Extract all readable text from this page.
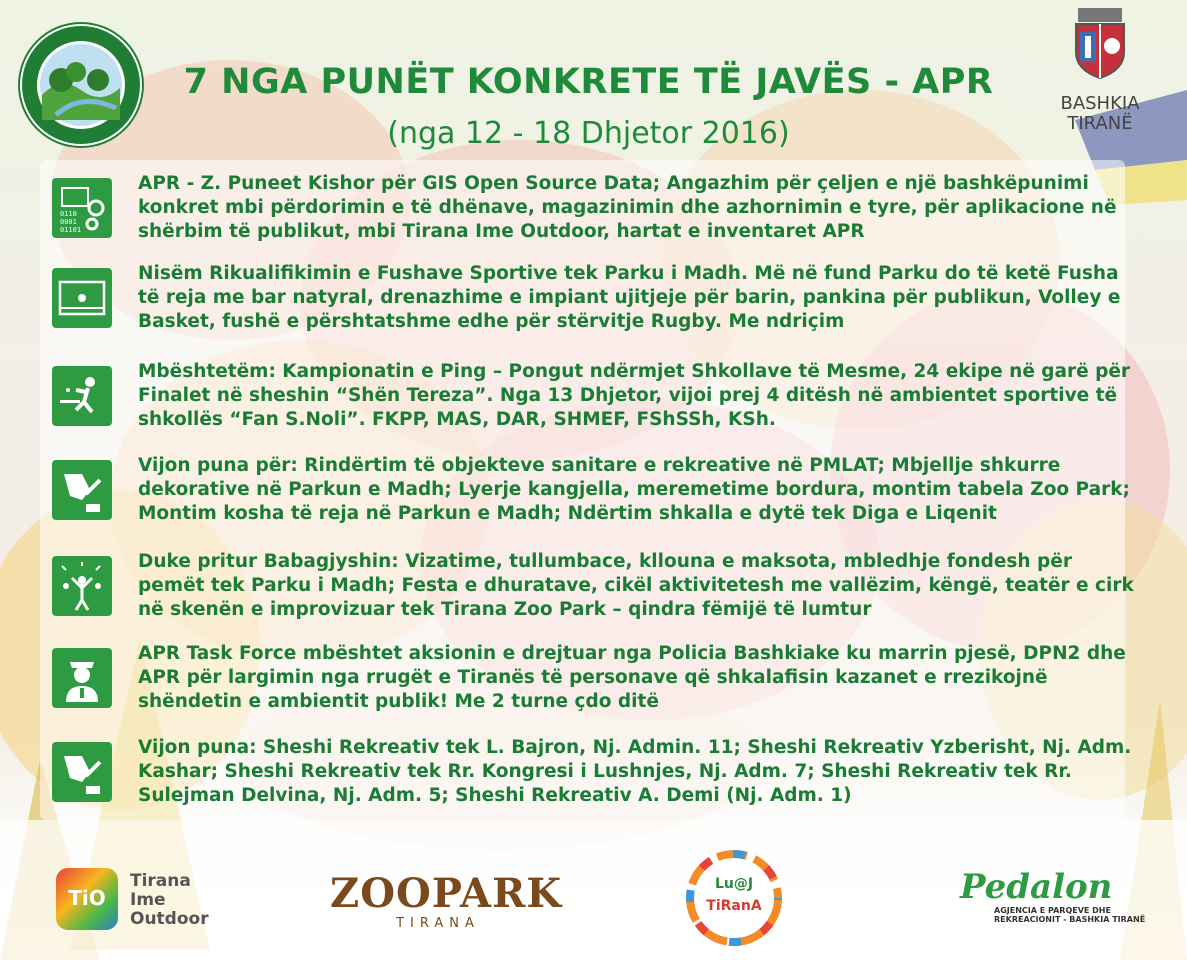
BASHKIA
TIRANË
7 NGA PUNËT KONKRETE TË JAVËS - APR
(nga 12 - 18 Dhjetor 2016)
0110
0001
01101
APR - Z. Puneet Kishor për GIS Open Source Data; Angazhim për çeljen e një bashkëpunimi konkret mbi përdorimin e të dhënave, magazinimin dhe azhornimin e tyre, për aplikacione në shërbim të publikut, mbi Tirana Ime Outdoor, hartat e inventaret APR
Nisëm Rikualifikimin e Fushave Sportive tek Parku i Madh. Më në fund Parku do të ketë Fusha të reja me bar natyral, drenazhime e impiant ujitjeje për barin, pankina për publikun, Volley e Basket, fushë e përshtatshme edhe për stërvitje Rugby. Me ndriçim
Mbështetëm: Kampionatin e Ping – Pongut ndërmjet Shkollave të Mesme, 24 ekipe në garë për Finalet në sheshin “Shën Tereza”. Nga 13 Dhjetor, vijoi prej 4 ditësh në ambientet sportive të shkollës “Fan S.Noli”. FKPP, MAS, DAR, SHMEF, FShSSh, KSh.
Vijon puna për: Rindërtim të objekteve sanitare e rekreative në PMLAT; Mbjellje shkurre dekorative në Parkun e Madh; Lyerje kangjella, meremetime bordura, montim tabela Zoo Park; Montim kosha të reja në Parkun e Madh; Ndërtim shkalla e dytë tek Diga e Liqenit
Duke pritur Babagjyshin: Vizatime, tullumbace, kllouna e maksota, mbledhje fondesh për pemët tek Parku i Madh; Festa e dhuratave, cikël aktivitetesh me vallëzim, këngë, teatër e cirk në skenën e improvizuar tek Tirana Zoo Park – qindra fëmijë të lumtur
APR Task Force mbështet aksionin e drejtuar nga Policia Bashkiake ku marrin pjesë, DPN2 dhe APR për largimin nga rrugët e Tiranës të personave që shkalafisin kazanet e rrezikojnë shëndetin e ambientit publik! Me 2 turne çdo ditë
Vijon puna: Sheshi Rekreativ tek L. Bajron, Nj. Admin. 11; Sheshi Rekreativ Yzberisht, Nj. Adm. Kashar; Sheshi Rekreativ tek Rr. Kongresi i Lushnjes, Nj. Adm. 7; Sheshi Rekreativ tek Rr. Sulejman Delvina, Nj. Adm. 5; Sheshi Rekreativ A. Demi (Nj. Adm. 1)
TiO
Tirana
Ime
Outdoor
ZOOPARK
TIRANA
Lu@J
TiRanA	Pedalon
AGJENCIA E PARQEVE DHE
REKREACIONIT - BASHKIA TIRANË
